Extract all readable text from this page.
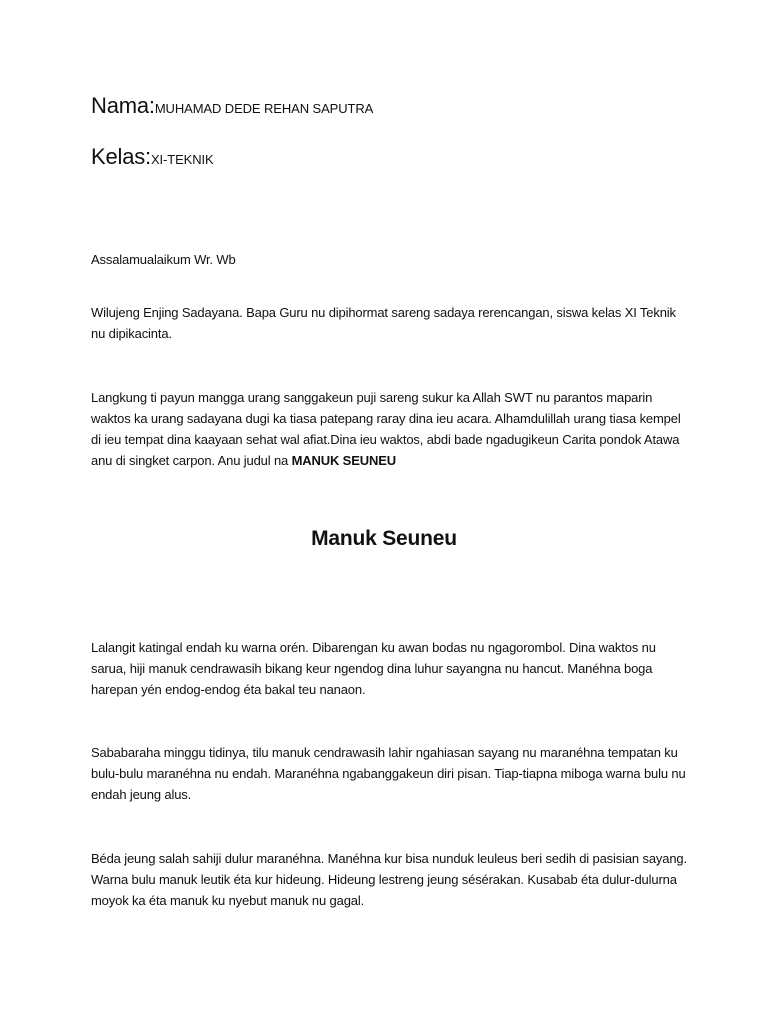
Nama:MUHAMAD DEDE REHAN SAPUTRA

Kelas:XI-TEKNIK

Assalamualaikum Wr. Wb

Wilujeng Enjing Sadayana. Bapa Guru nu dipihormat sareng sadaya rerencangan, siswa kelas XI Teknik nu dipikacinta.

Langkung ti payun mangga urang sanggakeun puji sareng sukur ka Allah SWT nu parantos maparin waktos ka urang sadayana dugi ka tiasa patepang raray dina ieu acara. Alhamdulillah urang tiasa kempel di ieu tempat dina kaayaan sehat wal afiat.Dina ieu waktos, abdi bade ngadugikeun Carita pondok Atawa anu di singket carpon. Anu judul na MANUK SEUNEU

Manuk Seuneu

Lalangit katingal endah ku warna orén. Dibarengan ku awan bodas nu ngagorombol. Dina waktos nu sarua, hiji manuk cendrawasih bikang keur ngendog dina luhur sayangna nu hancut. Manéhna boga harepan yén endog-endog éta bakal teu nanaon.

Sababaraha minggu tidinya, tilu manuk cendrawasih lahir ngahiasan sayang nu maranéhna tempatan ku bulu-bulu maranéhna nu endah. Maranéhna ngabanggakeun diri pisan. Tiap-tiapna miboga warna bulu nu endah jeung alus.

Béda jeung salah sahiji dulur maranéhna. Manéhna kur bisa nunduk leuleus beri sedih di pasisian sayang. Warna bulu manuk leutik éta kur hideung. Hideung lestreng jeung sésérakan. Kusabab éta dulur-dulurna moyok ka éta manuk ku nyebut manuk nu gagal.
